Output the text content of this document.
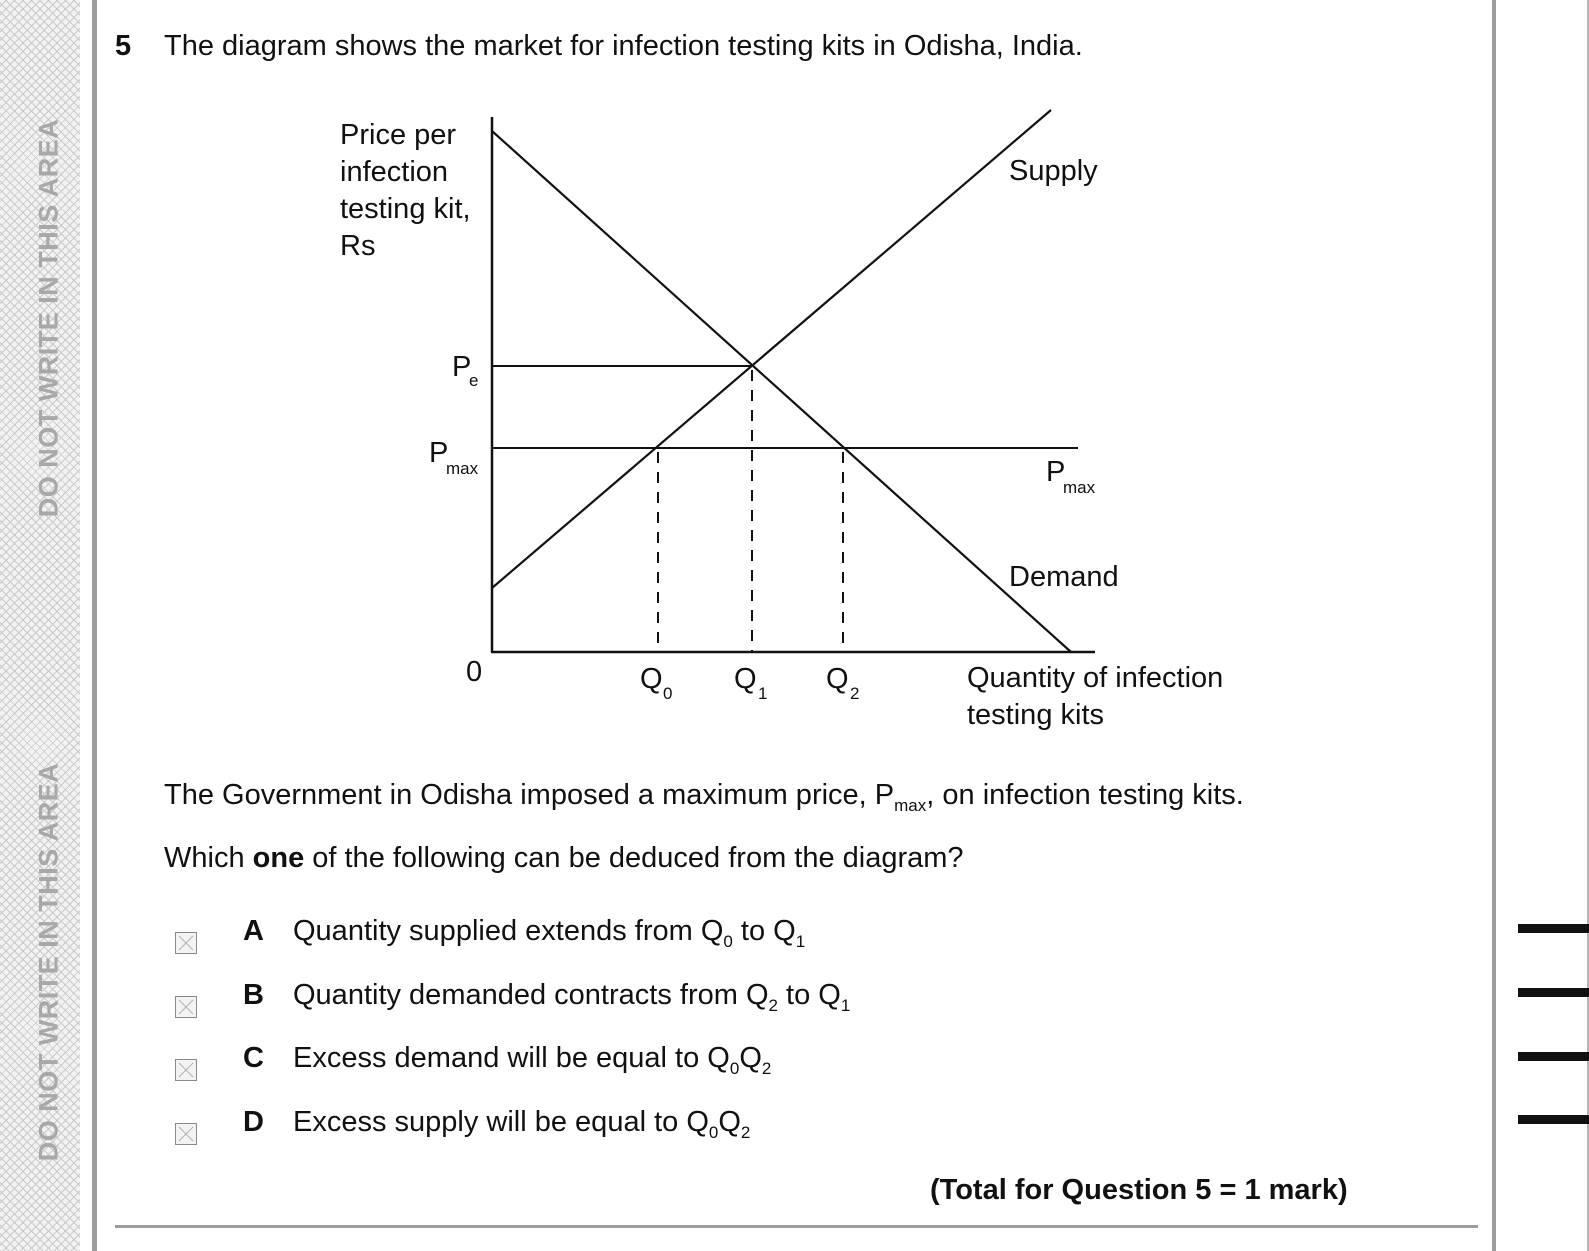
DO NOT WRITE IN THIS AREA
DO NOT WRITE IN THIS AREA
5 The diagram shows the market for infection testing kits in Odisha, India.
Price per infection testing kit, Rs
P
e
P
max
Supply
Demand
P
max
0	Q 0 Q 1 Q 2	Quantity of infection testing kits
The Government in Odisha imposed a maximum price, $P_{max}$, on infection testing kits.
Which one of the following can be deduced from the diagram?
A Quantity supplied extends from $Q_0$ to $Q_1$
B Quantity demanded contracts from $Q_2$ to $Q_1$
C Excess demand will be equal to $Q_0Q_2$
D Excess supply will be equal to $Q_0Q_2$
(Total for Question 5 = 1 mark)
